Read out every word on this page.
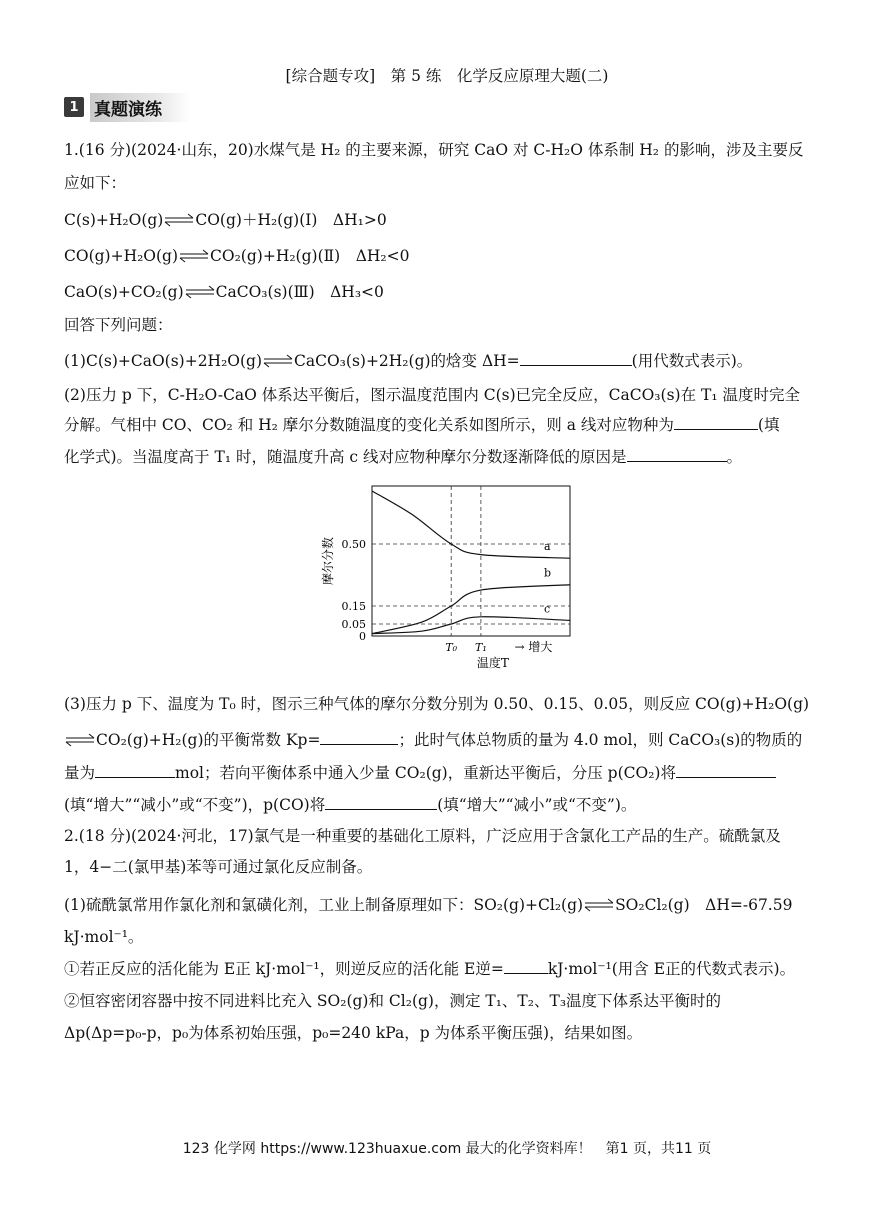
[综合题专攻]　第 5 练　化学反应原理大题(二)
1 真题演练
1.(16 分)(2024·山东，20)水煤气是 H₂ 的主要来源，研究 CaO 对 C-H₂O 体系制 H₂ 的影响，涉及主要反
应如下：
C(s)+H₂O(g)⇌CO(g)＋H₂(g)(Ⅰ)　ΔH₁>0
CO(g)+H₂O(g)⇌CO₂(g)+H₂(g)(Ⅱ)　ΔH₂<0
CaO(s)+CO₂(g)⇌CaCO₃(s)(Ⅲ)　ΔH₃<0
回答下列问题：
(1)C(s)+CaO(s)+2H₂O(g)⇌CaCO₃(s)+2H₂(g)的焓变 ΔH=	(用代数式表示)。
(2)压力 p 下，C-H₂O-CaO 体系达平衡后，图示温度范围内 C(s)已完全反应，CaCO₃(s)在 T₁ 温度时完全
分解。气相中 CO、CO₂ 和 H₂ 摩尔分数随温度的变化关系如图所示，则 a 线对应物种为	(填
化学式)。当温度高于 T₁ 时，随温度升高 c 线对应物种摩尔分数逐渐降低的原因是	。
0.50
0.15
0.05
0
T₀ T₁
温度T
→ 增大
摩尔分数	a
b
c
(3)压力 p 下、温度为 T₀ 时，图示三种气体的摩尔分数分别为 0.50、0.15、0.05，则反应 CO(g)+H₂O(g)
⇌CO₂(g)+H₂(g)的平衡常数 Kp=	；此时气体总物质的量为 4.0 mol，则 CaCO₃(s)的物质的
量为	mol；若向平衡体系中通入少量 CO₂(g)，重新达平衡后，分压 p(CO₂)将
(填“增大”“减小”或“不变”)，p(CO)将	(填“增大”“减小”或“不变”)。
2.(18 分)(2024·河北，17)氯气是一种重要的基础化工原料，广泛应用于含氯化工产品的生产。硫酰氯及
1，4−二(氯甲基)苯等可通过氯化反应制备。
(1)硫酰氯常用作氯化剂和氯磺化剂，工业上制备原理如下：SO₂(g)+Cl₂(g)⇌SO₂Cl₂(g)　ΔH=-67.59
kJ·mol⁻¹。
①若正反应的活化能为 E正 kJ·mol⁻¹，则逆反应的活化能 E逆=	kJ·mol⁻¹(用含 E正的代数式表示)。
②恒容密闭容器中按不同进料比充入 SO₂(g)和 Cl₂(g)，测定 T₁、T₂、T₃温度下体系达平衡时的
Δp(Δp=p₀-p，p₀为体系初始压强，p₀=240 kPa，p 为体系平衡压强)，结果如图。
123 化学网 https://www.123huaxue.com 最大的化学资料库！　第1 页，共11 页
